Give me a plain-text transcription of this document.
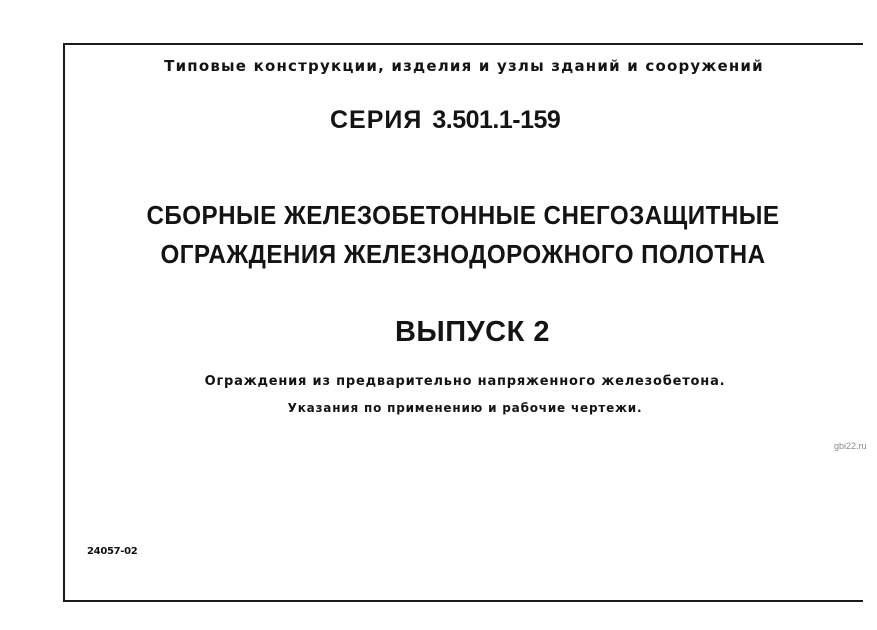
Типовые конструкции, изделия и узлы зданий и сооружений
СЕРИЯ 3.501.1-159
СБОРНЫЕ ЖЕЛЕЗОБЕТОННЫЕ СНЕГОЗАЩИТНЫЕ
ОГРАЖДЕНИЯ ЖЕЛЕЗНОДОРОЖНОГО ПОЛОТНА
ВЫПУСК 2
Ограждения из предварительно напряженного железобетона.
Указания по применению и рабочие чертежи.
24057-02
gbi22.ru
